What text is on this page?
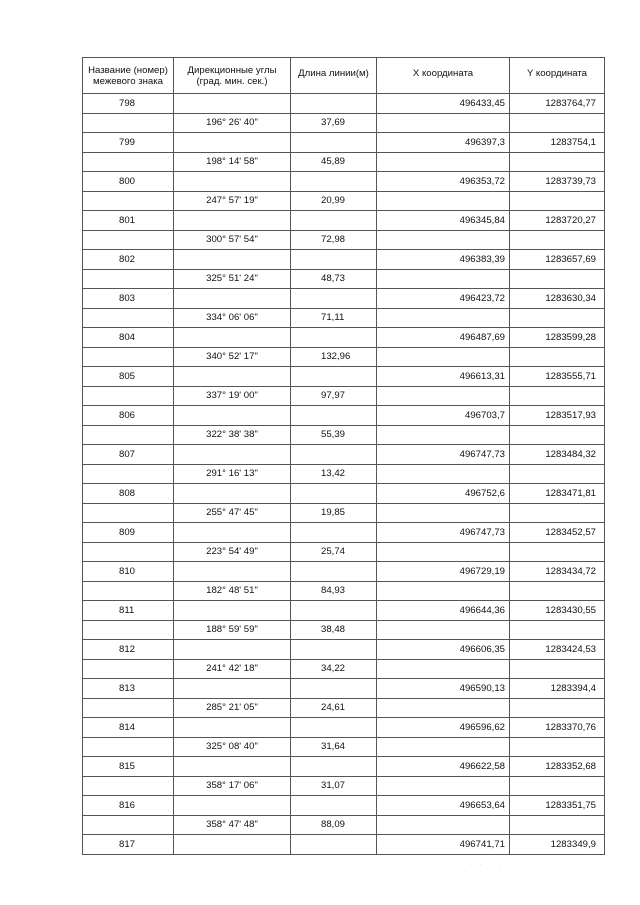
Название (номер) межевого знака	Дирекционные углы (град. мин. сек.)	Длина линии(м)	X координата	Y координата
798			496433,45	1283764,77
	196° 26' 40"	37,69		
799			496397,3	1283754,1
	198° 14' 58"	45,89		
800			496353,72	1283739,73
	247° 57' 19"	20,99		
801			496345,84	1283720,27
	300° 57' 54"	72,98		
802			496383,39	1283657,69
	325° 51' 24"	48,73		
803			496423,72	1283630,34
	334° 06' 06"	71,11		
804			496487,69	1283599,28
	340° 52' 17"	132,96		
805			496613,31	1283555,71
	337° 19' 00"	97,97		
806			496703,7	1283517,93
	322° 38' 38"	55,39		
807			496747,73	1283484,32
	291° 16' 13"	13,42		
808			496752,6	1283471,81
	255° 47' 45"	19,85		
809			496747,73	1283452,57
	223° 54' 49"	25,74		
810			496729,19	1283434,72
	182° 48' 51"	84,93		
811			496644,36	1283430,55
	188° 59' 59"	38,48		
812			496606,35	1283424,53
	241° 42' 18"	34,22		
813			496590,13	1283394,4
	285° 21' 05"	24,61		
814			496596,62	1283370,76
	325° 08' 40"	31,64		
815			496622,58	1283352,68
	358° 17' 06"	31,07		
816			496653,64	1283351,75
	358° 47' 48"	88,09		
817			496741,71	1283349,9
· · · · ·
